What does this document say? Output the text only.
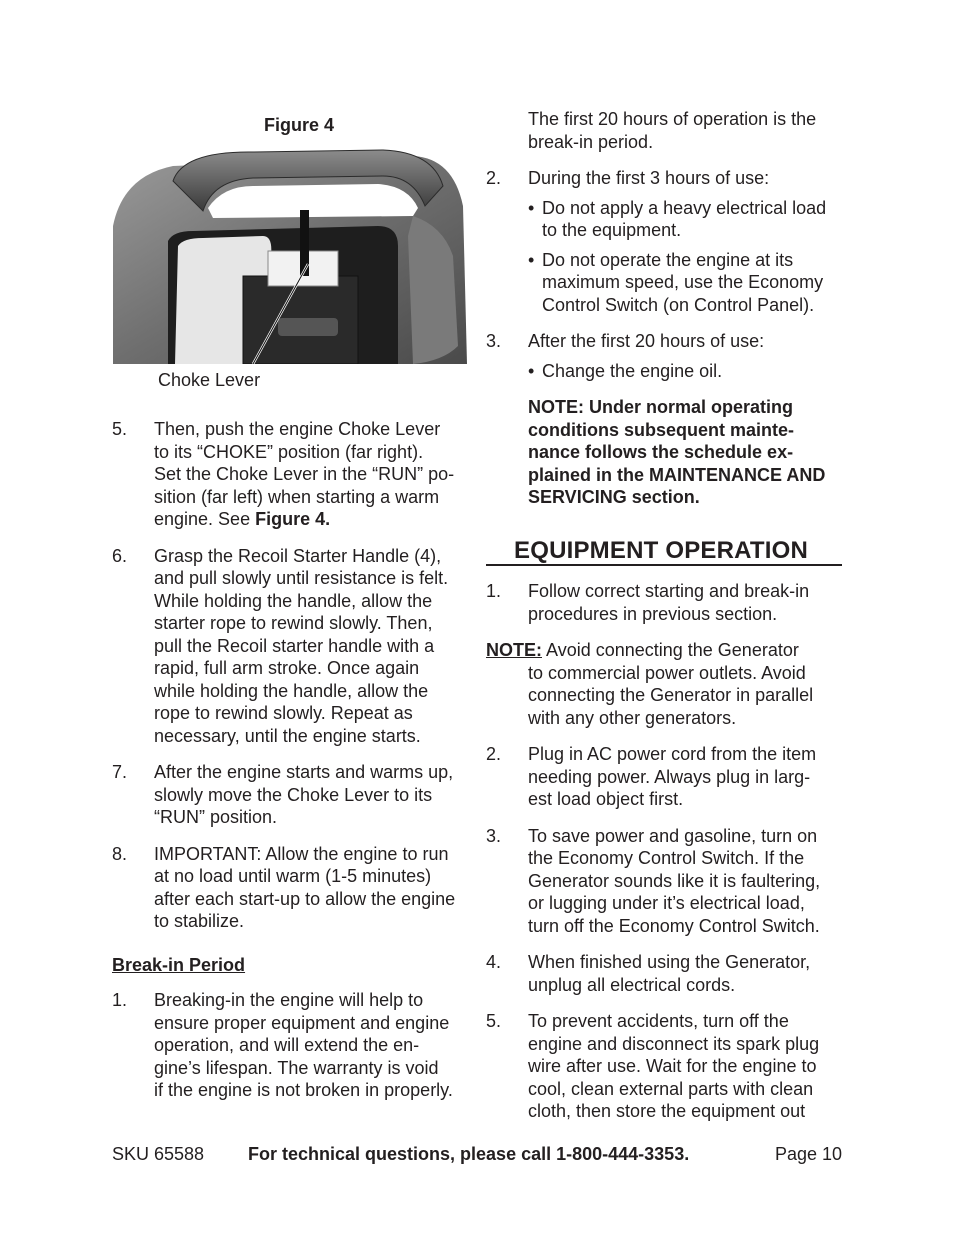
Figure 4
Choke Lever
5. Then, push the engine Choke Lever
to its “CHOKE” position (far right).
Set the Choke Lever in the “RUN” po-
sition (far left) when starting a warm
engine. See Figure 4.
6. Grasp the Recoil Starter Handle (4),
and pull slowly until resistance is felt.
While holding the handle, allow the
starter rope to rewind slowly. Then,
pull the Recoil starter handle with a
rapid, full arm stroke. Once again
while holding the handle, allow the
rope to rewind slowly. Repeat as
necessary, until the engine starts.
7. After the engine starts and warms up,
slowly move the Choke Lever to its
“RUN” position.
8. IMPORTANT: Allow the engine to run
at no load until warm (1-5 minutes)
after each start-up to allow the engine
to stabilize.
Break-in Period
1. Breaking-in the engine will help to
ensure proper equipment and engine
operation, and will extend the en-
gine’s lifespan. The warranty is void
if the engine is not broken in properly.
The first 20 hours of operation is the
break-in period.
2. During the first 3 hours of use:
• Do not apply a heavy electrical load
to the equipment.
• Do not operate the engine at its
maximum speed, use the Economy
Control Switch (on Control Panel).
3. After the first 20 hours of use:
• Change the engine oil.
NOTE: Under normal operating
conditions subsequent mainte-
nance follows the schedule ex-
plained in the MAINTENANCE AND
SERVICING section.
EQUIPMENT OPERATION
1. Follow correct starting and break-in
procedures in previous section.
NOTE: Avoid connecting the Generator
to commercial power outlets. Avoid
connecting the Generator in parallel
with any other generators.
2. Plug in AC power cord from the item
needing power. Always plug in larg-
est load object first.
3. To save power and gasoline, turn on
the Economy Control Switch. If the
Generator sounds like it is faultering,
or lugging under it’s electrical load,
turn off the Economy Control Switch.
4. When finished using the Generator,
unplug all electrical cords.
5. To prevent accidents, turn off the
engine and disconnect its spark plug
wire after use. Wait for the engine to
cool, clean external parts with clean
cloth, then store the equipment out
SKU 65588 For technical questions, please call 1-800-444-3353.	Page 10
